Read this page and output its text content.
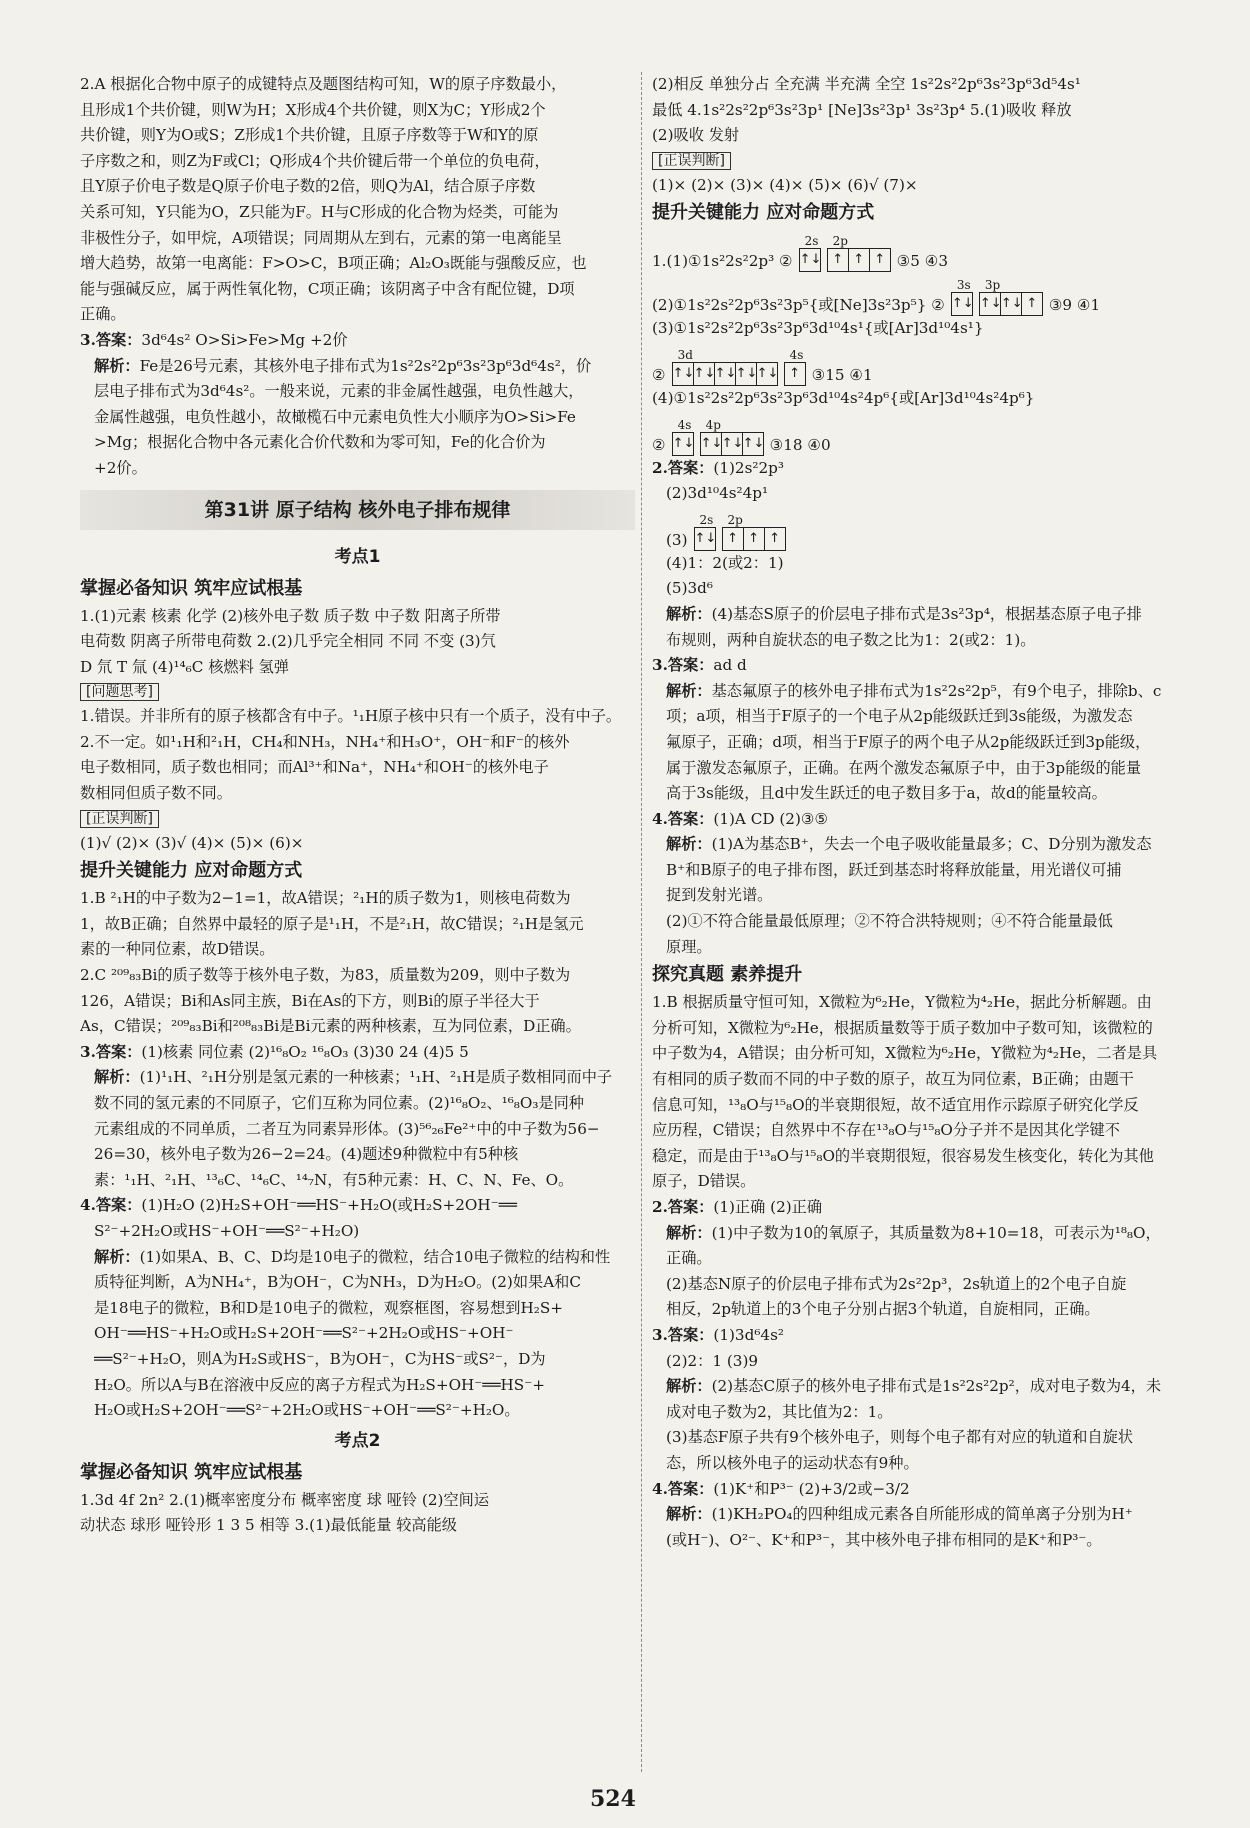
2.A 根据化合物中原子的成键特点及题图结构可知，W的原子序数最小，
且形成1个共价键，则W为H；X形成4个共价键，则X为C；Y形成2个
共价键，则Y为O或S；Z形成1个共价键，且原子序数等于W和Y的原
子序数之和，则Z为F或Cl；Q形成4个共价键后带一个单位的负电荷，
且Y原子价电子数是Q原子价电子数的2倍，则Q为Al，结合原子序数
关系可知，Y只能为O，Z只能为F。H与C形成的化合物为烃类，可能为
非极性分子，如甲烷，A项错误；同周期从左到右，元素的第一电离能呈
增大趋势，故第一电离能：F>O>C，B项正确；Al₂O₃既能与强酸反应，也
能与强碱反应，属于两性氧化物，C项正确；该阴离子中含有配位键，D项
正确。
3.答案：3d⁶4s² O>Si>Fe>Mg +2价
解析：Fe是26号元素，其核外电子排布式为1s²2s²2p⁶3s²3p⁶3d⁶4s²，价
层电子排布式为3d⁶4s²。一般来说，元素的非金属性越强，电负性越大，
金属性越强，电负性越小，故橄榄石中元素电负性大小顺序为O>Si>Fe
>Mg；根据化合物中各元素化合价代数和为零可知，Fe的化合价为
+2价。
第31讲 原子结构 核外电子排布规律
考点1
掌握必备知识 筑牢应试根基
1.(1)元素 核素 化学 (2)核外电子数 质子数 中子数 阳离子所带
电荷数 阴离子所带电荷数 2.(2)几乎完全相同 不同 不变 (3)氕
D 氘 T 氚 (4)¹⁴₆C 核燃料 氢弹
[问题思考]
1.错误。并非所有的原子核都含有中子。¹₁H原子核中只有一个质子，没有中子。
2.不一定。如¹₁H和²₁H，CH₄和NH₃，NH₄⁺和H₃O⁺，OH⁻和F⁻的核外
电子数相同，质子数也相同；而Al³⁺和Na⁺，NH₄⁺和OH⁻的核外电子
数相同但质子数不同。
[正误判断]
(1)√ (2)× (3)√ (4)× (5)× (6)×
提升关键能力 应对命题方式
1.B ²₁H的中子数为2−1=1，故A错误；²₁H的质子数为1，则核电荷数为
1，故B正确；自然界中最轻的原子是¹₁H，不是²₁H，故C错误；²₁H是氢元
素的一种同位素，故D错误。
2.C ²⁰⁹₈₃Bi的质子数等于核外电子数，为83，质量数为209，则中子数为
126，A错误；Bi和As同主族，Bi在As的下方，则Bi的原子半径大于
As，C错误；²⁰⁹₈₃Bi和²⁰⁸₈₃Bi是Bi元素的两种核素，互为同位素，D正确。
3.答案：(1)核素 同位素 (2)¹⁶₈O₂ ¹⁶₈O₃ (3)30 24 (4)5 5
解析：(1)¹₁H、²₁H分别是氢元素的一种核素；¹₁H、²₁H是质子数相同而中子
数不同的氢元素的不同原子，它们互称为同位素。(2)¹⁶₈O₂、¹⁶₈O₃是同种
元素组成的不同单质，二者互为同素异形体。(3)⁵⁶₂₆Fe²⁺中的中子数为56−
26=30，核外电子数为26−2=24。(4)题述9种微粒中有5种核
素：¹₁H、²₁H、¹³₆C、¹⁴₆C、¹⁴₇N，有5种元素：H、C、N、Fe、O。
4.答案：(1)H₂O (2)H₂S+OH⁻══HS⁻+H₂O(或H₂S+2OH⁻══
S²⁻+2H₂O或HS⁻+OH⁻══S²⁻+H₂O)
解析：(1)如果A、B、C、D均是10电子的微粒，结合10电子微粒的结构和性
质特征判断，A为NH₄⁺，B为OH⁻，C为NH₃，D为H₂O。(2)如果A和C
是18电子的微粒，B和D是10电子的微粒，观察框图，容易想到H₂S+
OH⁻══HS⁻+H₂O或H₂S+2OH⁻══S²⁻+2H₂O或HS⁻+OH⁻
══S²⁻+H₂O，则A为H₂S或HS⁻，B为OH⁻，C为HS⁻或S²⁻，D为
H₂O。所以A与B在溶液中反应的离子方程式为H₂S+OH⁻══HS⁻+
H₂O或H₂S+2OH⁻══S²⁻+2H₂O或HS⁻+OH⁻══S²⁻+H₂O。
考点2
掌握必备知识 筑牢应试根基
1.3d 4f 2n² 2.(1)概率密度分布 概率密度 球 哑铃 (2)空间运
动状态 球形 哑铃形 1 3 5 相等 3.(1)最低能量 较高能级
(2)相反 单独分占 全充满 半充满 全空 1s²2s²2p⁶3s²3p⁶3d⁵4s¹
最低 4.1s²2s²2p⁶3s²3p¹ [Ne]3s²3p¹ 3s²3p⁴ 5.(1)吸收 释放
(2)吸收 发射
[正误判断]
(1)× (2)× (3)× (4)× (5)× (6)√ (7)×
提升关键能力 应对命题方式
1.(1)①1s²2s²2p³ ②
2s
↑↓
2p
↑ ↑ ↑ ③5 ④3
(2)①1s²2s²2p⁶3s²3p⁵{或[Ne]3s²3p⁵} ②
3s
↑↓
3p
↑↓ ↑↓ ↑ ③9 ④1
(3)①1s²2s²2p⁶3s²3p⁶3d¹⁰4s¹{或[Ar]3d¹⁰4s¹}
②
3d
↑↓ ↑↓ ↑↓ ↑↓ ↑↓
4s
↑ ③15 ④1
(4)①1s²2s²2p⁶3s²3p⁶3d¹⁰4s²4p⁶{或[Ar]3d¹⁰4s²4p⁶}
②
4s
↑↓
4p
↑↓ ↑↓ ↑↓ ③18 ④0
2.答案：(1)2s²2p³
(2)3d¹⁰4s²4p¹
(3)
2s
↑↓
2p
↑ ↑ ↑
(4)1：2(或2：1)
(5)3d⁶
解析：(4)基态S原子的价层电子排布式是3s²3p⁴，根据基态原子电子排
布规则，两种自旋状态的电子数之比为1：2(或2：1)。
3.答案：ad d
解析：基态氟原子的核外电子排布式为1s²2s²2p⁵，有9个电子，排除b、c
项；a项，相当于F原子的一个电子从2p能级跃迁到3s能级，为激发态
氟原子，正确；d项，相当于F原子的两个电子从2p能级跃迁到3p能级，
属于激发态氟原子，正确。在两个激发态氟原子中，由于3p能级的能量
高于3s能级，且d中发生跃迁的电子数目多于a，故d的能量较高。
4.答案：(1)A CD (2)③⑤
解析：(1)A为基态B⁺，失去一个电子吸收能量最多；C、D分别为激发态
B⁺和B原子的电子排布图，跃迁到基态时将释放能量，用光谱仪可捕
捉到发射光谱。
(2)①不符合能量最低原理；②不符合洪特规则；④不符合能量最低
原理。
探究真题 素养提升
1.B 根据质量守恒可知，X微粒为⁶₂He，Y微粒为⁴₂He，据此分析解题。由
分析可知，X微粒为⁶₂He，根据质量数等于质子数加中子数可知，该微粒的
中子数为4，A错误；由分析可知，X微粒为⁶₂He，Y微粒为⁴₂He，二者是具
有相同的质子数而不同的中子数的原子，故互为同位素，B正确；由题干
信息可知，¹³₈O与¹⁵₈O的半衰期很短，故不适宜用作示踪原子研究化学反
应历程，C错误；自然界中不存在¹³₈O与¹⁵₈O分子并不是因其化学键不
稳定，而是由于¹³₈O与¹⁵₈O的半衰期很短，很容易发生核变化，转化为其他
原子，D错误。
2.答案：(1)正确 (2)正确
解析：(1)中子数为10的氧原子，其质量数为8+10=18，可表示为¹⁸₈O，
正确。
(2)基态N原子的价层电子排布式为2s²2p³，2s轨道上的2个电子自旋
相反，2p轨道上的3个电子分别占据3个轨道，自旋相同，正确。
3.答案：(1)3d⁶4s²
(2)2：1 (3)9
解析：(2)基态C原子的核外电子排布式是1s²2s²2p²，成对电子数为4，未
成对电子数为2，其比值为2：1。
(3)基态F原子共有9个核外电子，则每个电子都有对应的轨道和自旋状
态，所以核外电子的运动状态有9种。
4.答案：(1)K⁺和P³⁻ (2)+3/2或−3/2
解析：(1)KH₂PO₄的四种组成元素各自所能形成的简单离子分别为H⁺
(或H⁻)、O²⁻、K⁺和P³⁻，其中核外电子排布相同的是K⁺和P³⁻。
524
